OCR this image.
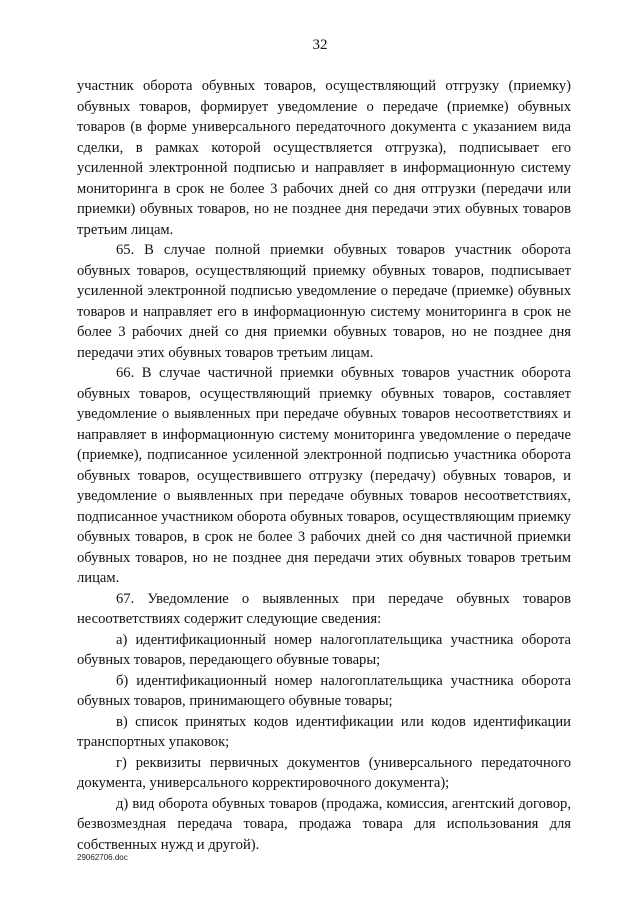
32

участник оборота обувных товаров, осуществляющий отгрузку (приемку) обувных товаров, формирует уведомление о передаче (приемке) обувных товаров (в форме универсального передаточного документа с указанием вида сделки, в рамках которой осуществляется отгрузка), подписывает его усиленной электронной подписью и направляет в информационную систему мониторинга в срок не более 3 рабочих дней со дня отгрузки (передачи или приемки) обувных товаров, но не позднее дня передачи этих обувных товаров третьим лицам.

65. В случае полной приемки обувных товаров участник оборота обувных товаров, осуществляющий приемку обувных товаров, подписывает усиленной электронной подписью уведомление о передаче (приемке) обувных товаров и направляет его в информационную систему мониторинга в срок не более 3 рабочих дней со дня приемки обувных товаров, но не позднее дня передачи этих обувных товаров третьим лицам.

66. В случае частичной приемки обувных товаров участник оборота обувных товаров, осуществляющий приемку обувных товаров, составляет уведомление о выявленных при передаче обувных товаров несоответствиях и направляет в информационную систему мониторинга уведомление о передаче (приемке), подписанное усиленной электронной подписью участника оборота обувных товаров, осуществившего отгрузку (передачу) обувных товаров, и уведомление о выявленных при передаче обувных товаров несоответствиях, подписанное участником оборота обувных товаров, осуществляющим приемку обувных товаров, в срок не более 3 рабочих дней со дня частичной приемки обувных товаров, но не позднее дня передачи этих обувных товаров третьим лицам.

67. Уведомление о выявленных при передаче обувных товаров несоответствиях содержит следующие сведения:

а) идентификационный номер налогоплательщика участника оборота обувных товаров, передающего обувные товары;

б) идентификационный номер налогоплательщика участника оборота обувных товаров, принимающего обувные товары;

в) список принятых кодов идентификации или кодов идентификации транспортных упаковок;

г) реквизиты первичных документов (универсального передаточного документа, универсального корректировочного документа);

д) вид оборота обувных товаров (продажа, комиссия, агентский договор, безвозмездная передача товара, продажа товара для использования для собственных нужд и другой).

29062706.doc
